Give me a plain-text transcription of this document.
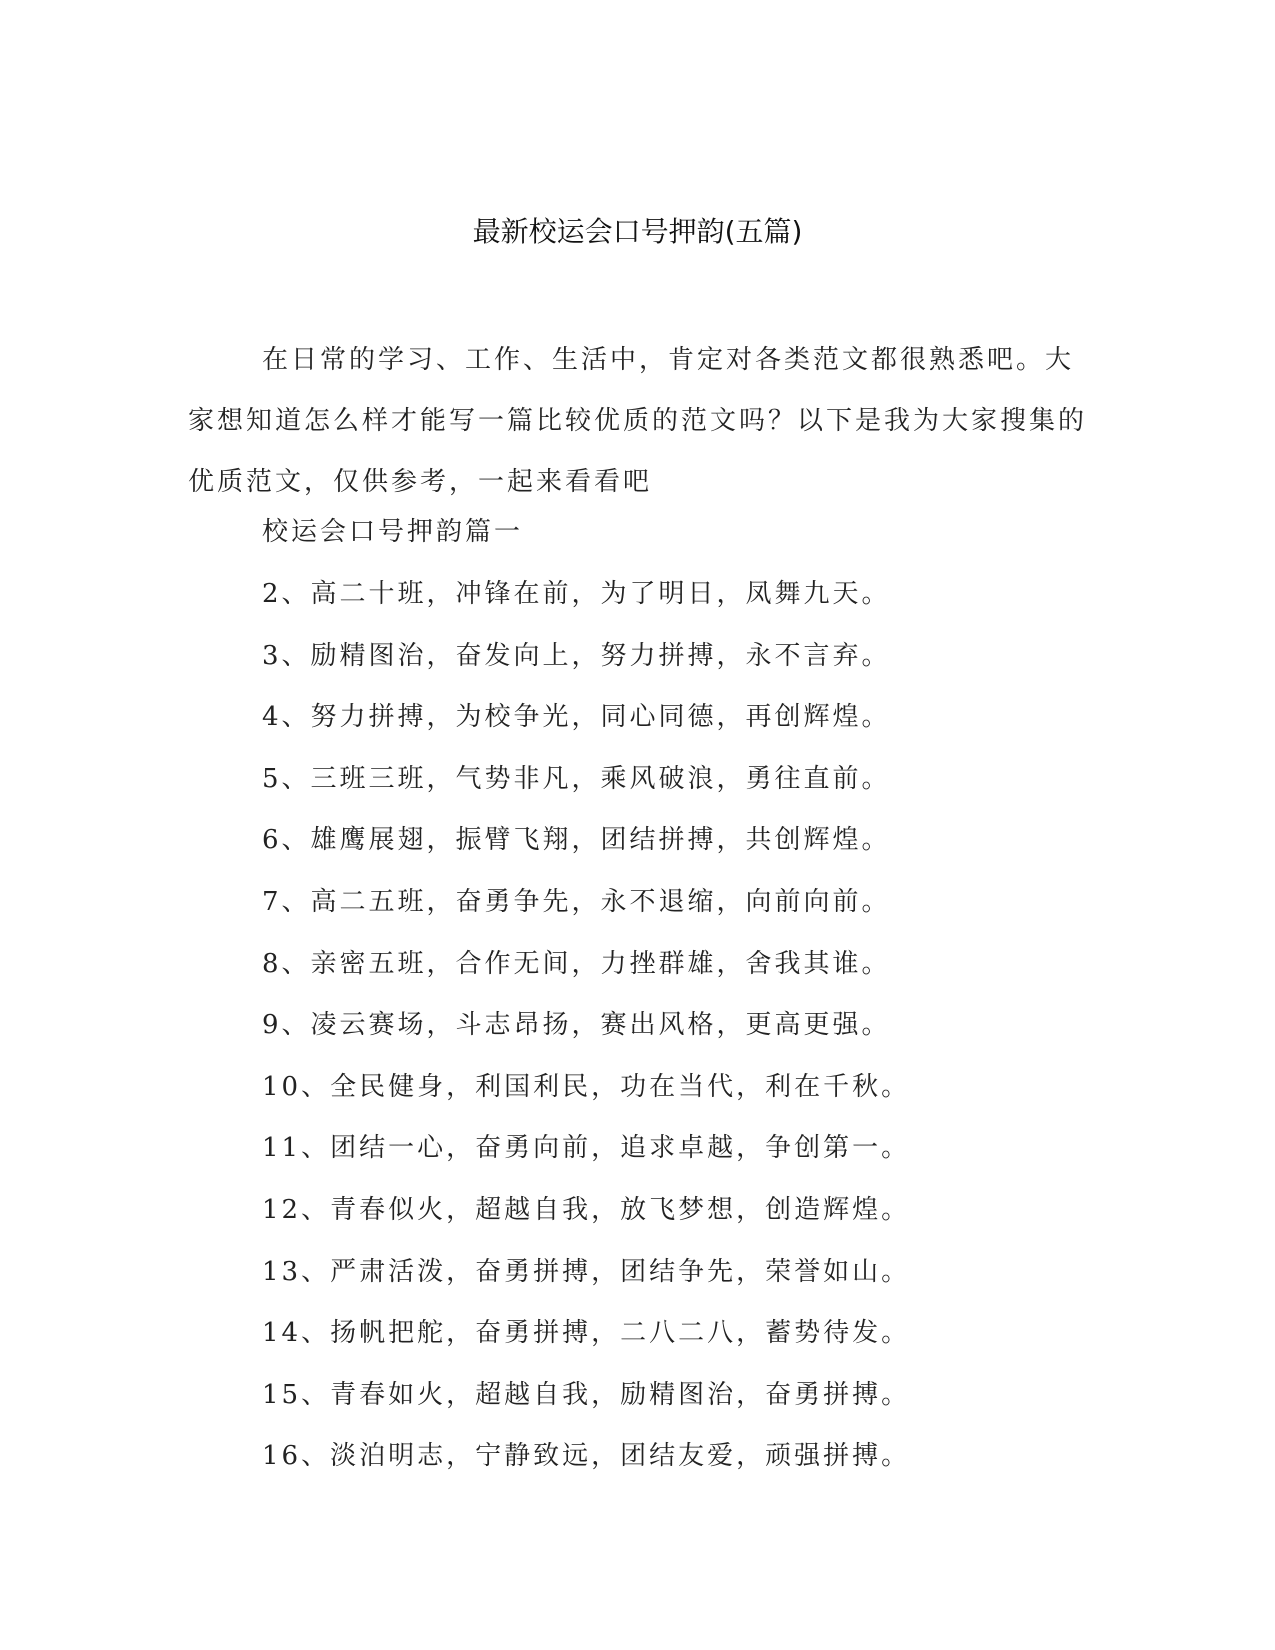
最新校运会口号押韵(五篇)

在日常的学习、工作、生活中，肯定对各类范文都很熟悉吧。大家想知道怎么样才能写一篇比较优质的范文吗？以下是我为大家搜集的优质范文，仅供参考，一起来看看吧

校运会口号押韵篇一
2、高二十班，冲锋在前，为了明日，凤舞九天。
3、励精图治，奋发向上，努力拼搏，永不言弃。
4、努力拼搏，为校争光，同心同德，再创辉煌。
5、三班三班，气势非凡，乘风破浪，勇往直前。
6、雄鹰展翅，振臂飞翔，团结拼搏，共创辉煌。
7、高二五班，奋勇争先，永不退缩，向前向前。
8、亲密五班，合作无间，力挫群雄，舍我其谁。
9、凌云赛场，斗志昂扬，赛出风格，更高更强。
10、全民健身，利国利民，功在当代，利在千秋。
11、团结一心，奋勇向前，追求卓越，争创第一。
12、青春似火，超越自我，放飞梦想，创造辉煌。
13、严肃活泼，奋勇拼搏，团结争先，荣誉如山。
14、扬帆把舵，奋勇拼搏，二八二八，蓄势待发。
15、青春如火，超越自我，励精图治，奋勇拼搏。
16、淡泊明志，宁静致远，团结友爱，顽强拼搏。
